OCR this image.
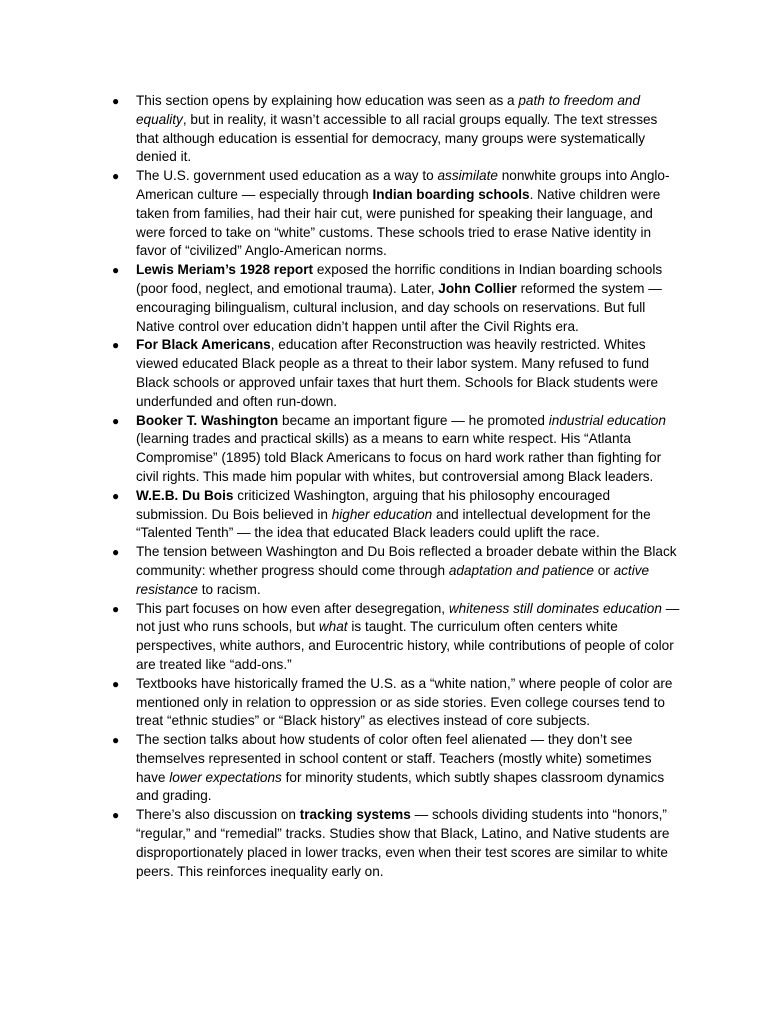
● This section opens by explaining how education was seen as a path to freedom and equality, but in reality, it wasn’t accessible to all racial groups equally. The text stresses that although education is essential for democracy, many groups were systematically denied it.
● The U.S. government used education as a way to assimilate nonwhite groups into Anglo-American culture — especially through Indian boarding schools. Native children were taken from families, had their hair cut, were punished for speaking their language, and were forced to take on “white” customs. These schools tried to erase Native identity in favor of “civilized” Anglo-American norms.
● Lewis Meriam’s 1928 report exposed the horrific conditions in Indian boarding schools (poor food, neglect, and emotional trauma). Later, John Collier reformed the system — encouraging bilingualism, cultural inclusion, and day schools on reservations. But full Native control over education didn’t happen until after the Civil Rights era.
● For Black Americans, education after Reconstruction was heavily restricted. Whites viewed educated Black people as a threat to their labor system. Many refused to fund Black schools or approved unfair taxes that hurt them. Schools for Black students were underfunded and often run-down.
● Booker T. Washington became an important figure — he promoted industrial education (learning trades and practical skills) as a means to earn white respect. His “Atlanta Compromise” (1895) told Black Americans to focus on hard work rather than fighting for civil rights. This made him popular with whites, but controversial among Black leaders.
● W.E.B. Du Bois criticized Washington, arguing that his philosophy encouraged submission. Du Bois believed in higher education and intellectual development for the “Talented Tenth” — the idea that educated Black leaders could uplift the race.
● The tension between Washington and Du Bois reflected a broader debate within the Black community: whether progress should come through adaptation and patience or active resistance to racism.
● This part focuses on how even after desegregation, whiteness still dominates education — not just who runs schools, but what is taught. The curriculum often centers white perspectives, white authors, and Eurocentric history, while contributions of people of color are treated like “add-ons.”
● Textbooks have historically framed the U.S. as a “white nation,” where people of color are mentioned only in relation to oppression or as side stories. Even college courses tend to treat “ethnic studies” or “Black history” as electives instead of core subjects.
● The section talks about how students of color often feel alienated — they don’t see themselves represented in school content or staff. Teachers (mostly white) sometimes have lower expectations for minority students, which subtly shapes classroom dynamics and grading.
● There’s also discussion on tracking systems — schools dividing students into “honors,” “regular,” and “remedial” tracks. Studies show that Black, Latino, and Native students are disproportionately placed in lower tracks, even when their test scores are similar to white peers. This reinforces inequality early on.
